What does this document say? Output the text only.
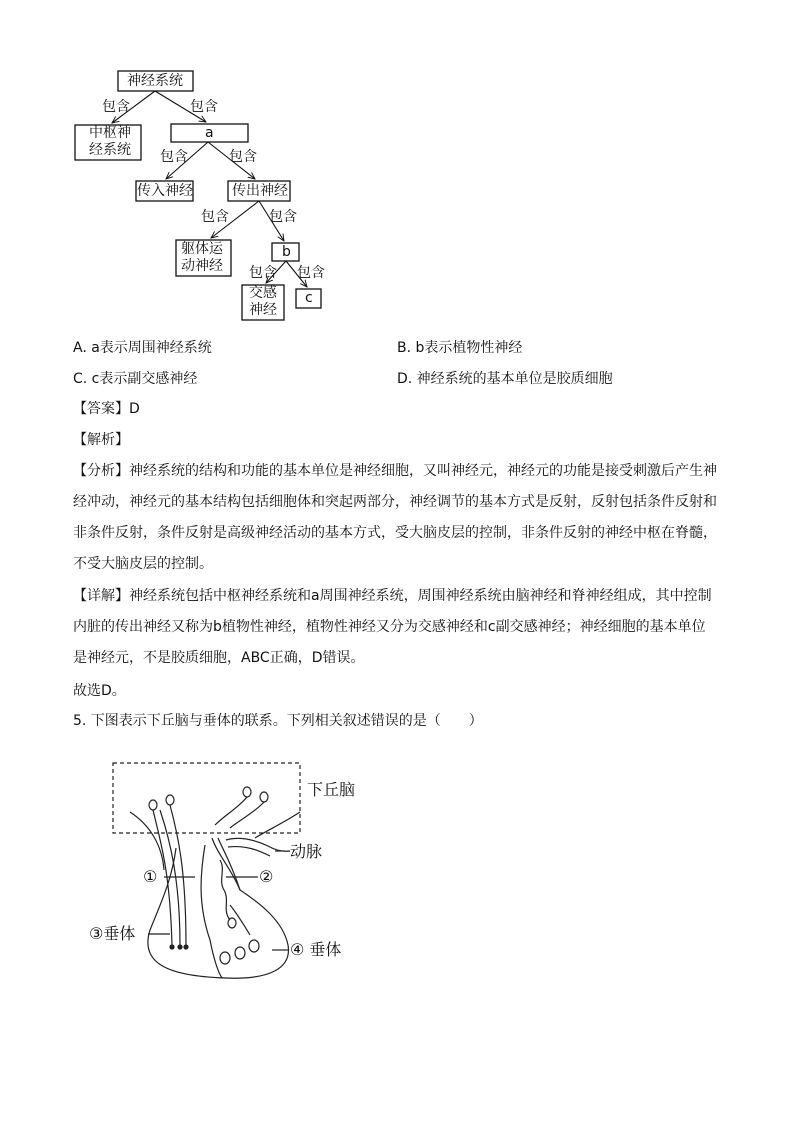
神经系统
包含	包含
中枢神
经系统
a
包含	包含
传入神经	传出神经
包含	包含
躯体运
动神经
b
包含 包含
交感
神经
c
A. a表示周围神经系统	B. b表示植物性神经
C. c表示副交感神经	D. 神经系统的基本单位是胶质细胞
【答案】D
【解析】
【分析】神经系统的结构和功能的基本单位是神经细胞，又叫神经元，神经元的功能是接受刺激后产生神
经冲动，神经元的基本结构包括细胞体和突起两部分，神经调节的基本方式是反射，反射包括条件反射和
非条件反射，条件反射是高级神经活动的基本方式，受大脑皮层的控制，非条件反射的神经中枢在脊髓，
不受大脑皮层的控制。
【详解】神经系统包括中枢神经系统和a周围神经系统，周围神经系统由脑神经和脊神经组成，其中控制
内脏的传出神经又称为b植物性神经，植物性神经又分为交感神经和c副交感神经；神经细胞的基本单位
是神经元，不是胶质细胞，ABC正确，D错误。
故选D。
5. 下图表示下丘脑与垂体的联系。下列相关叙述错误的是（　　）
下丘脑
动脉
①	②
③垂体
④ 垂体
